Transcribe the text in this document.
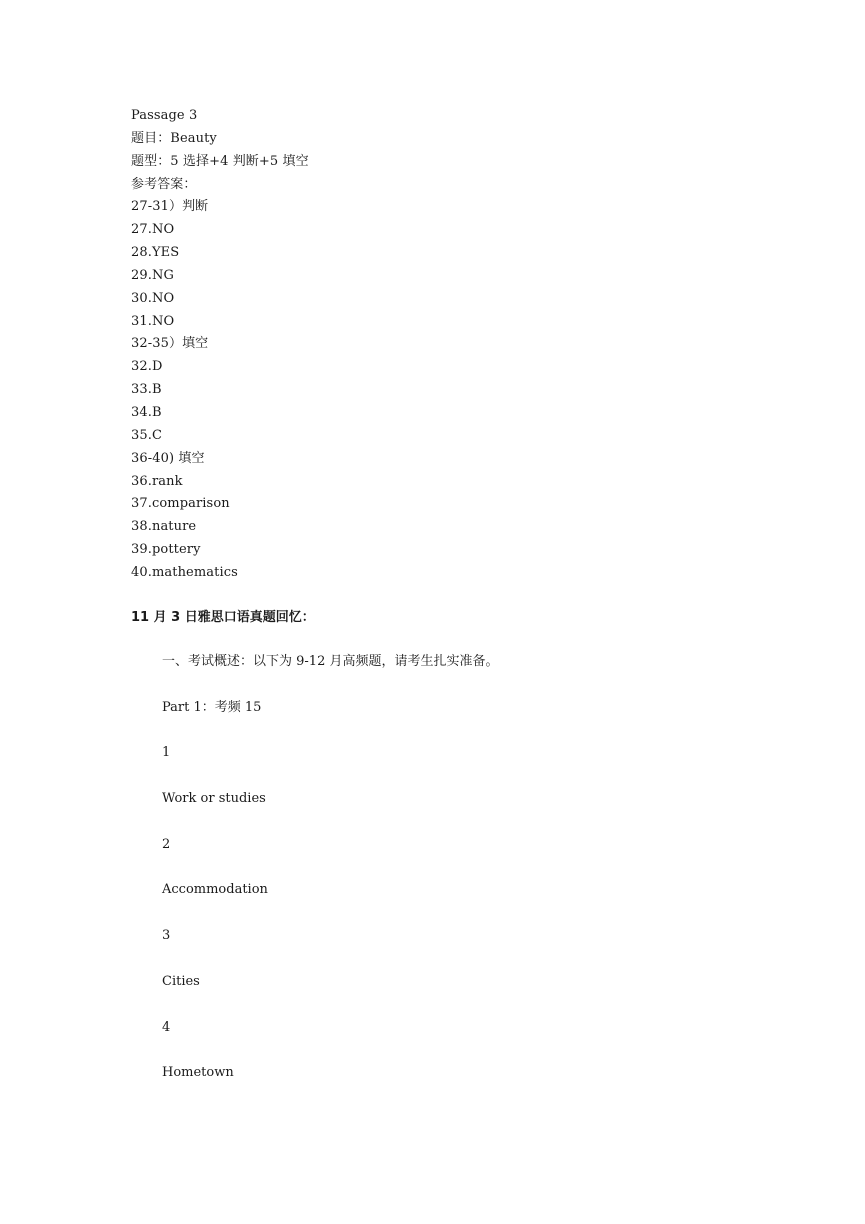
Passage 3
题目：Beauty
题型：5 选择+4 判断+5 填空
参考答案：
27-31）判断
27.NO
28.YES
29.NG
30.NO
31.NO
32-35）填空
32.D
33.B
34.B
35.C
36-40) 填空
36.rank
37.comparison
38.nature
39.pottery
40.mathematics
11 月 3 日雅思口语真题回忆：
一、考试概述：以下为 9-12 月高频题，请考生扎实准备。
Part 1：考频 15
1
Work or studies
2
Accommodation
3
Cities
4
Hometown
